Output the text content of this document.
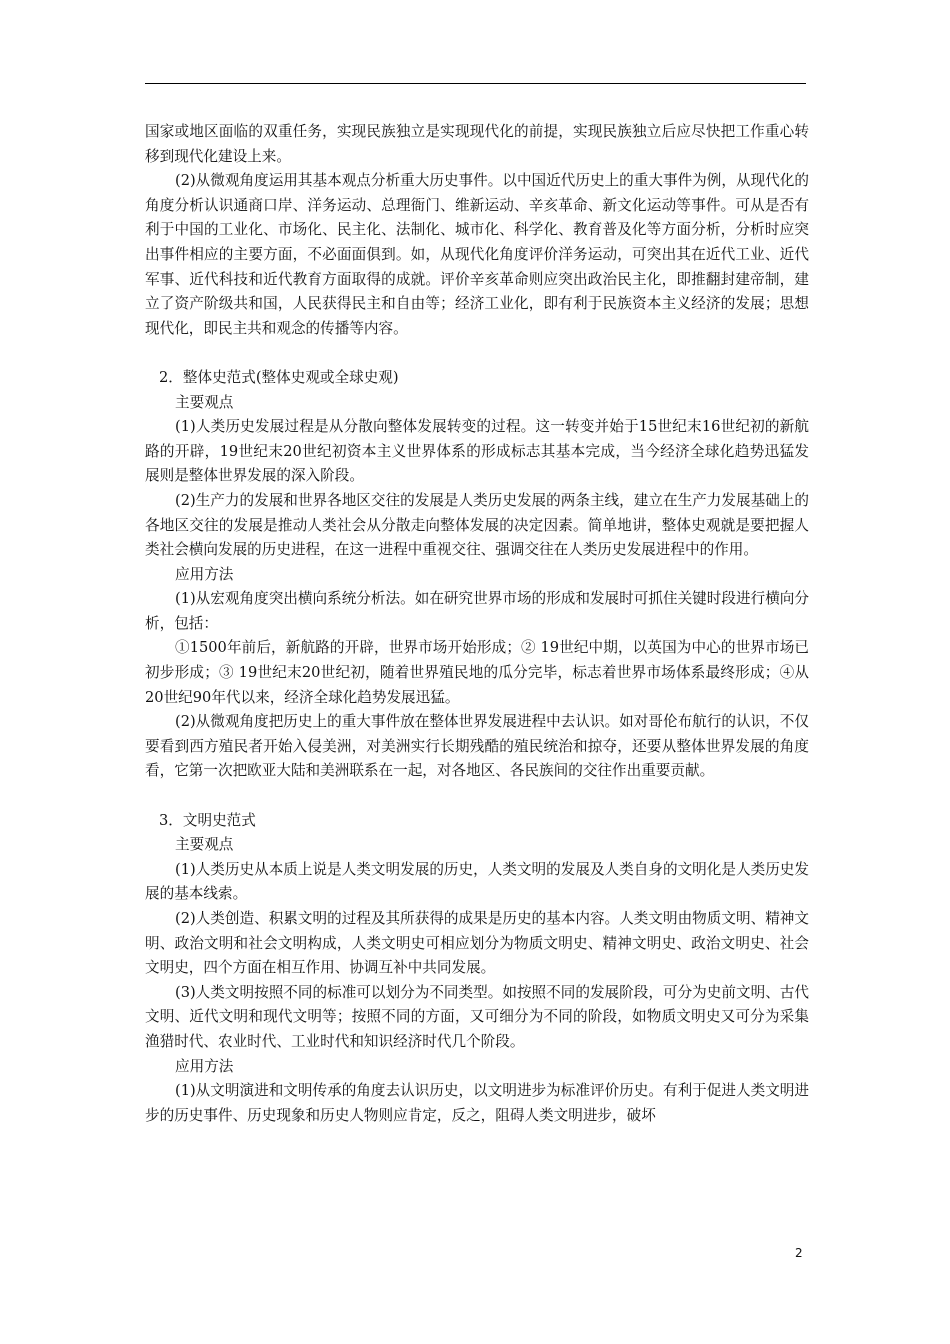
国家或地区面临的双重任务，实现民族独立是实现现代化的前提，实现民族独立后应尽快把工作重心转移到现代化建设上来。

(2)从微观角度运用其基本观点分析重大历史事件。以中国近代历史上的重大事件为例，从现代化的角度分析认识通商口岸、洋务运动、总理衙门、维新运动、辛亥革命、新文化运动等事件。可从是否有利于中国的工业化、市场化、民主化、法制化、城市化、科学化、教育普及化等方面分析，分析时应突出事件相应的主要方面，不必面面俱到。如，从现代化角度评价洋务运动，可突出其在近代工业、近代军事、近代科技和近代教育方面取得的成就。评价辛亥革命则应突出政治民主化，即推翻封建帝制，建立了资产阶级共和国，人民获得民主和自由等；经济工业化，即有利于民族资本主义经济的发展；思想现代化，即民主共和观念的传播等内容。

2．整体史范式(整体史观或全球史观)

主要观点

(1)人类历史发展过程是从分散向整体发展转变的过程。这一转变并始于15世纪末16世纪初的新航路的开辟，19世纪末20世纪初资本主义世界体系的形成标志其基本完成，当今经济全球化趋势迅猛发展则是整体世界发展的深入阶段。

(2)生产力的发展和世界各地区交往的发展是人类历史发展的两条主线，建立在生产力发展基础上的各地区交往的发展是推动人类社会从分散走向整体发展的决定因素。简单地讲，整体史观就是要把握人类社会横向发展的历史进程，在这一进程中重视交往、强调交往在人类历史发展进程中的作用。

应用方法

(1)从宏观角度突出横向系统分析法。如在研究世界市场的形成和发展时可抓住关键时段进行横向分析，包括：

①1500年前后，新航路的开辟，世界市场开始形成；② 19世纪中期，以英国为中心的世界市场已初步形成；③ 19世纪末20世纪初，随着世界殖民地的瓜分完毕，标志着世界市场体系最终形成；④从20世纪90年代以来，经济全球化趋势发展迅猛。

(2)从微观角度把历史上的重大事件放在整体世界发展进程中去认识。如对哥伦布航行的认识，不仅要看到西方殖民者开始入侵美洲，对美洲实行长期残酷的殖民统治和掠夺，还要从整体世界发展的角度看，它第一次把欧亚大陆和美洲联系在一起，对各地区、各民族间的交往作出重要贡献。

3．文明史范式

主要观点

(1)人类历史从本质上说是人类文明发展的历史，人类文明的发展及人类自身的文明化是人类历史发展的基本线索。

(2)人类创造、积累文明的过程及其所获得的成果是历史的基本内容。人类文明由物质文明、精神文明、政治文明和社会文明构成，人类文明史可相应划分为物质文明史、精神文明史、政治文明史、社会文明史，四个方面在相互作用、协调互补中共同发展。

(3)人类文明按照不同的标准可以划分为不同类型。如按照不同的发展阶段，可分为史前文明、古代文明、近代文明和现代文明等；按照不同的方面，又可细分为不同的阶段，如物质文明史又可分为采集渔猎时代、农业时代、工业时代和知识经济时代几个阶段。

应用方法

(1)从文明演进和文明传承的角度去认识历史，以文明进步为标准评价历史。有利于促进人类文明进步的历史事件、历史现象和历史人物则应肯定，反之，阻碍人类文明进步，破坏

2
